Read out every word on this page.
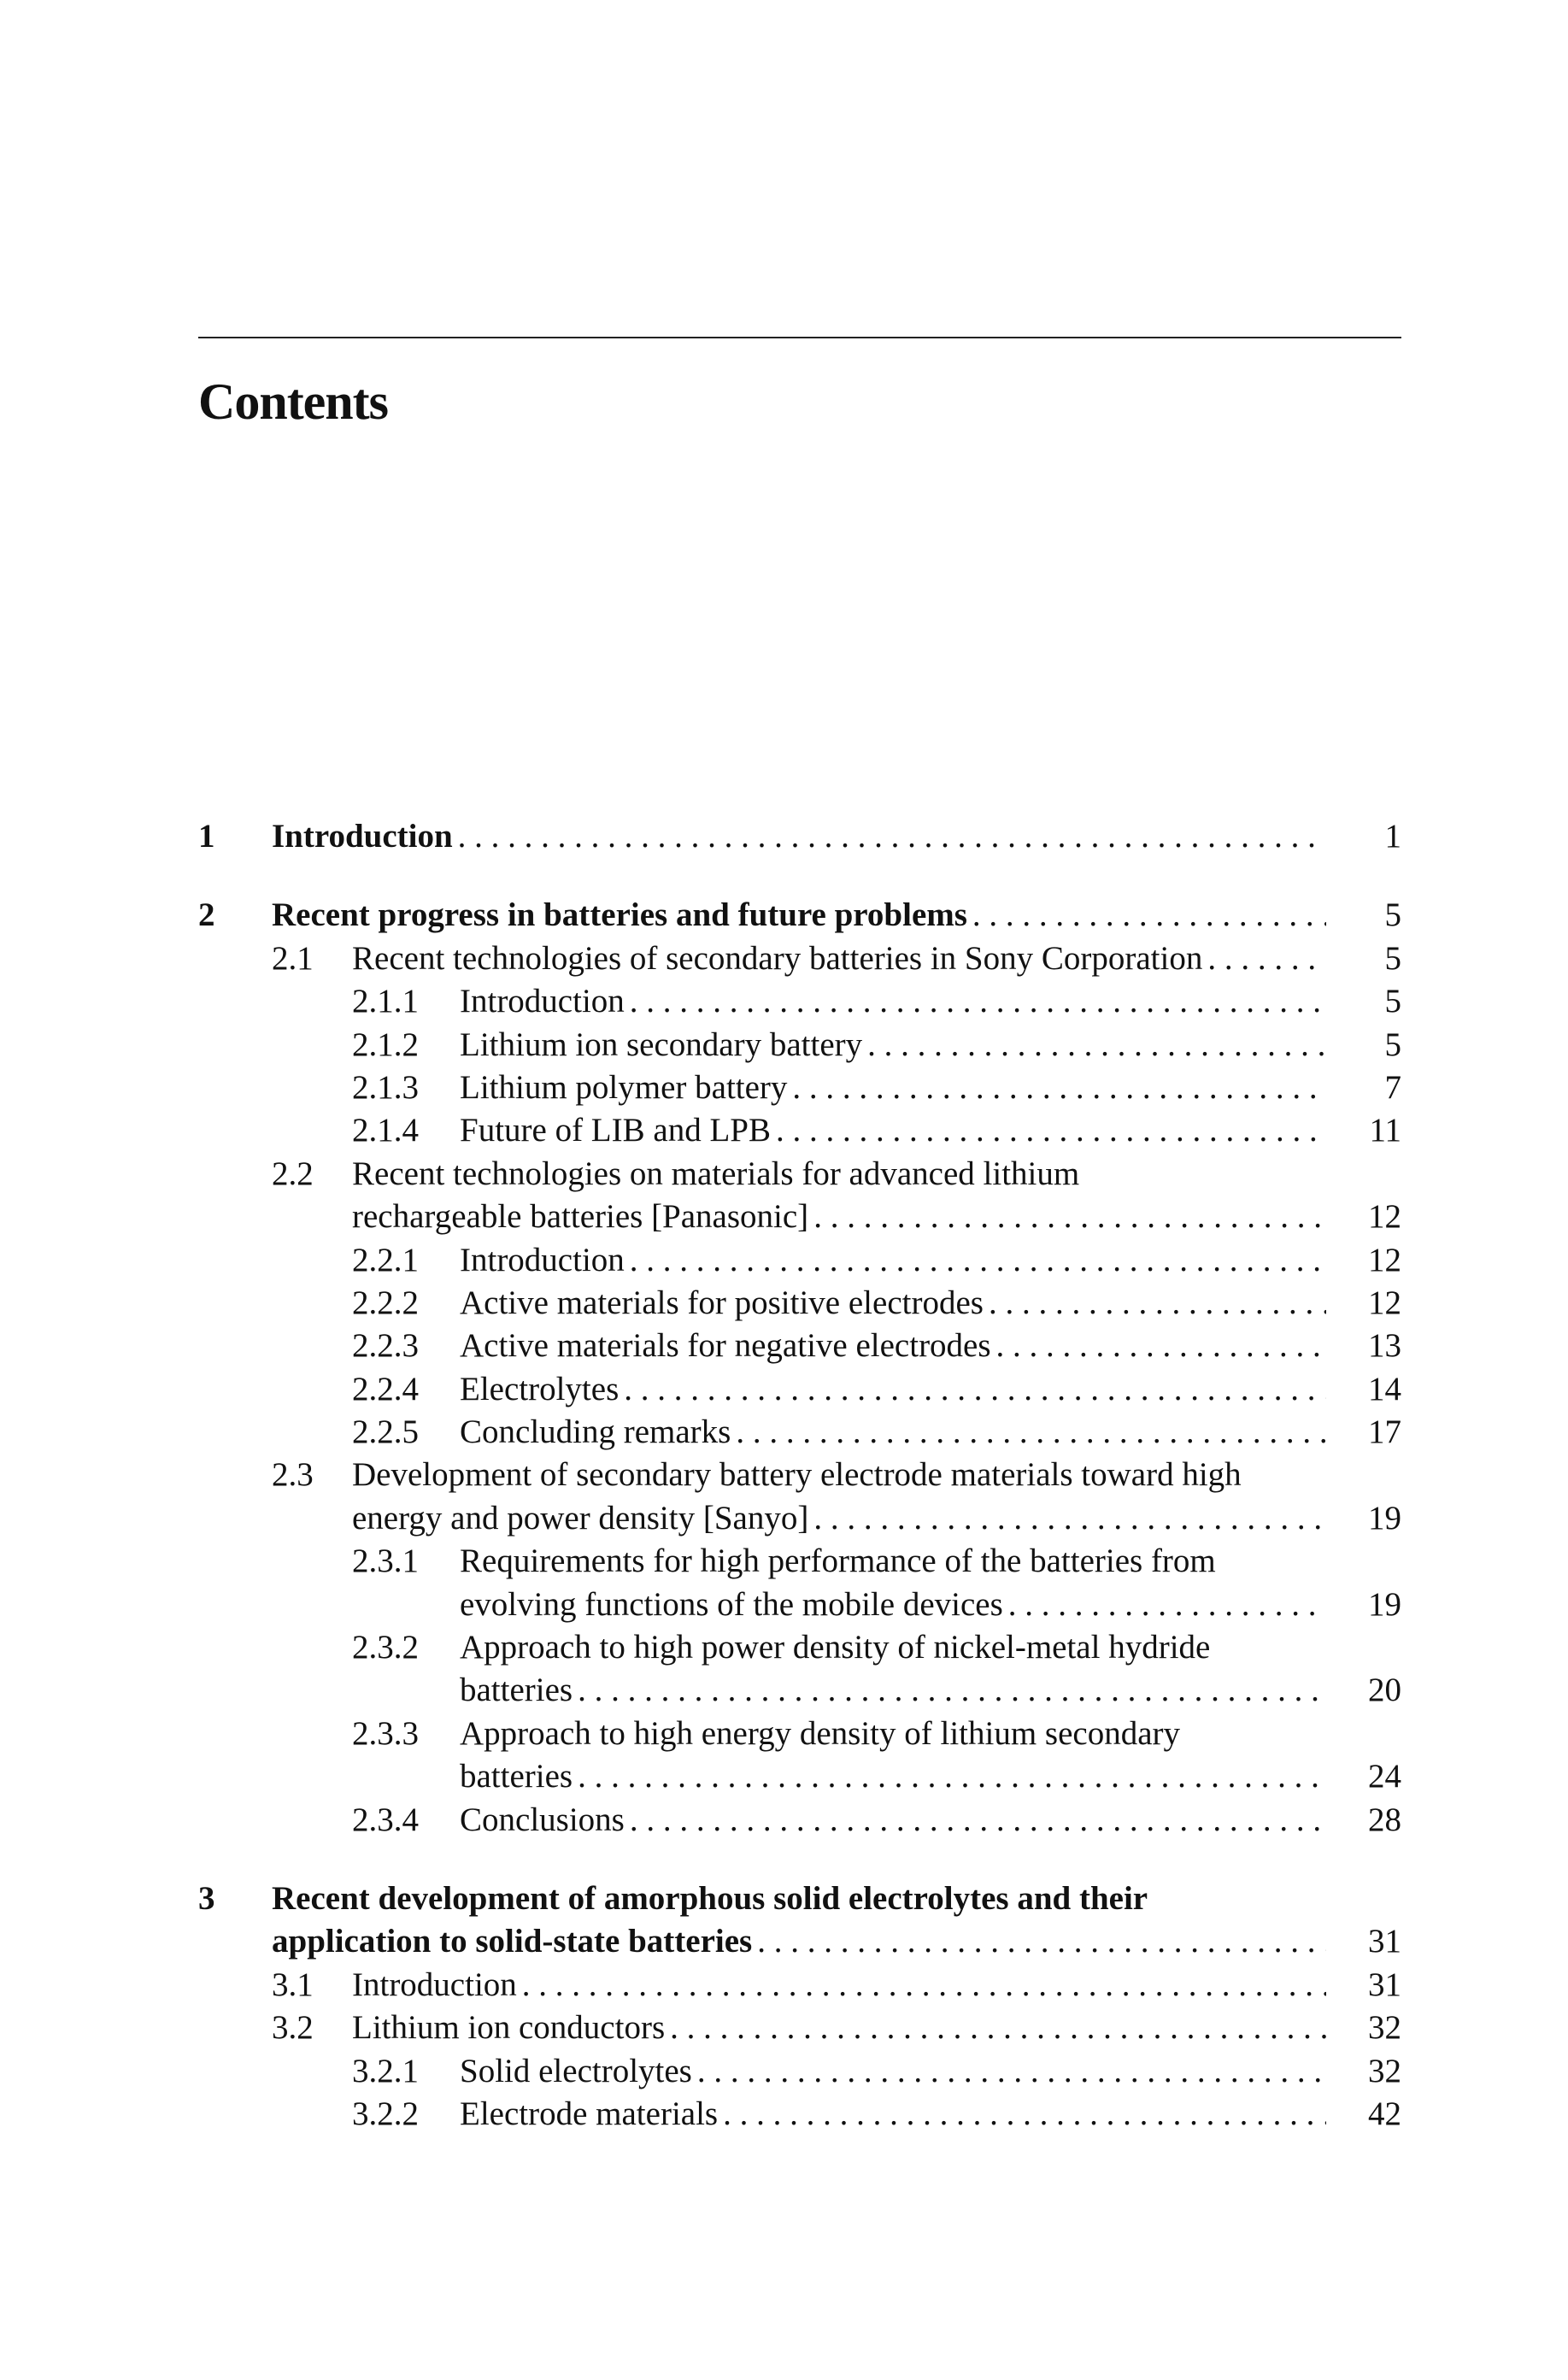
Contents
1 Introduction . . .	1
2 Recent progress in batteries and future problems . . .	5
2.1 Recent technologies of secondary batteries in Sony Corporation . . .	5
2.1.1 Introduction . . .	5
2.1.2 Lithium ion secondary battery . . .	5
2.1.3 Lithium polymer battery . . .	7
2.1.4 Future of LIB and LPB . . .	11
2.2 Recent technologies on materials for advanced lithium
rechargeable batteries [Panasonic] . . .	12
2.2.1 Introduction . . .	12
2.2.2 Active materials for positive electrodes . . .	12
2.2.3 Active materials for negative electrodes . . .	13
2.2.4 Electrolytes . . .	14
2.2.5 Concluding remarks . . .	17
2.3 Development of secondary battery electrode materials toward high
energy and power density [Sanyo] . . .	19
2.3.1 Requirements for high performance of the batteries from
evolving functions of the mobile devices . . .	19
2.3.2 Approach to high power density of nickel-metal hydride
batteries . . .	20
2.3.3 Approach to high energy density of lithium secondary
batteries . . .	24
2.3.4 Conclusions . . .	28
3 Recent development of amorphous solid electrolytes and their
application to solid-state batteries . . .	31
3.1 Introduction . . .	31
3.2 Lithium ion conductors . . .	32
3.2.1 Solid electrolytes . . .	32
3.2.2 Electrode materials . . .	42
